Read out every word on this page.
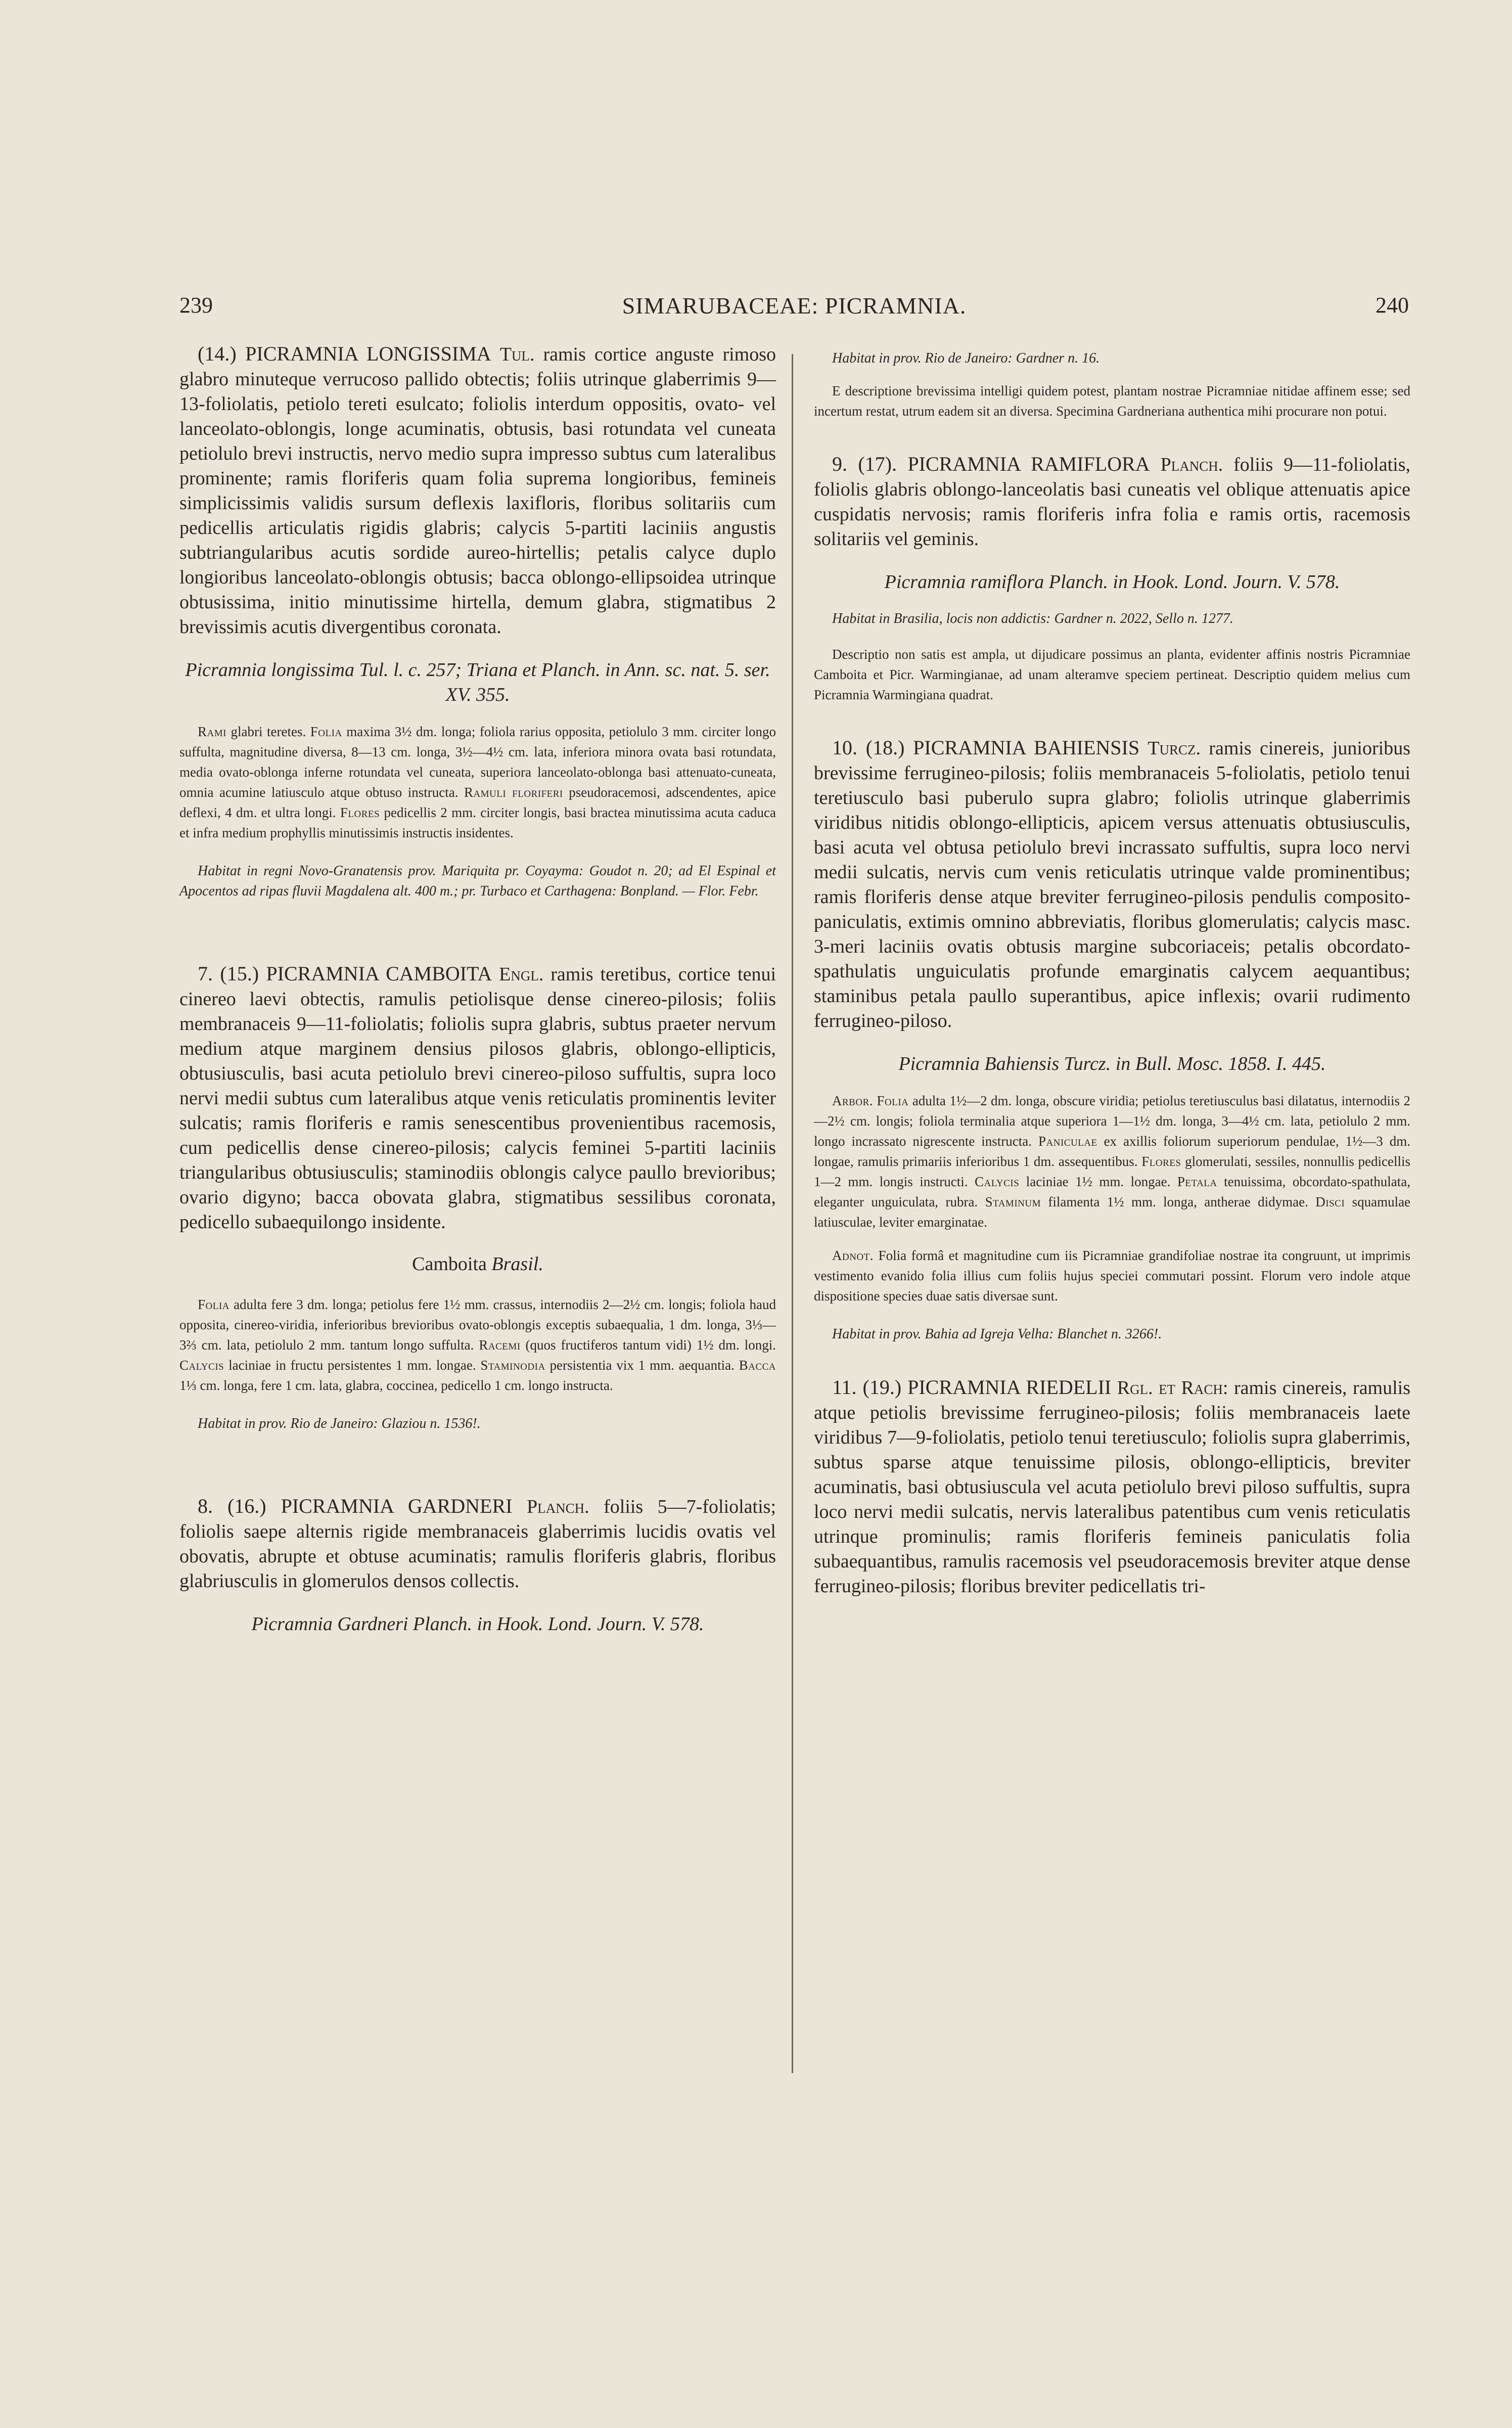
239	SIMARUBACEAE: PICRAMNIA.	240

(14.) PICRAMNIA LONGISSIMA Tul. ramis cortice anguste rimoso glabro minuteque verrucoso pallido obtectis; foliis utrinque glaberrimis 9—13-foliolatis, petiolo tereti esulcato; foliolis interdum oppositis, ovato- vel lanceolato-oblongis, longe acuminatis, obtusis, basi rotundata vel cuneata petiolulo brevi instructis, nervo medio supra impresso subtus cum lateralibus prominente; ramis floriferis quam folia suprema longioribus, femineis simplicissimis validis sursum deflexis laxifloris, floribus solitariis cum pedicellis articulatis rigidis glabris; calycis 5-partiti laciniis angustis subtriangularibus acutis sordide aureo-hirtellis; petalis calyce duplo longioribus lanceolato-oblongis obtusis; bacca oblongo-ellipsoidea utrinque obtusissima, initio minutissime hirtella, demum glabra, stigmatibus 2 brevissimis acutis divergentibus coronata.

Picramnia longissima Tul. l. c. 257; Triana et Planch. in Ann. sc. nat. 5. ser. XV. 355.

Rami glabri teretes. Folia maxima 3½ dm. longa; foliola rarius opposita, petiolulo 3 mm. circiter longo suffulta, magnitudine diversa, 8—13 cm. longa, 3½—4½ cm. lata, inferiora minora ovata basi rotundata, media ovato-oblonga inferne rotundata vel cuneata, superiora lanceolato-oblonga basi attenuato-cuneata, omnia acumine latiusculo atque obtuso instructa. Ramuli floriferi pseudoracemosi, adscendentes, apice deflexi, 4 dm. et ultra longi. Flores pedicellis 2 mm. circiter longis, basi bractea minutissima acuta caduca et infra medium prophyllis minutissimis instructis insidentes.

Habitat in regni Novo-Granatensis prov. Mariquita pr. Coyayma: Goudot n. 20; ad El Espinal et Apocentos ad ripas fluvii Magdalena alt. 400 m.; pr. Turbaco et Carthagena: Bonpland. — Flor. Febr.

7. (15.) PICRAMNIA CAMBOITA Engl. ramis teretibus, cortice tenui cinereo laevi obtectis, ramulis petiolisque dense cinereo-pilosis; foliis membranaceis 9—11-foliolatis; foliolis supra glabris, subtus praeter nervum medium atque marginem densius pilosos glabris, oblongo-ellipticis, obtusiusculis, basi acuta petiolulo brevi cinereo-piloso suffultis, supra loco nervi medii subtus cum lateralibus atque venis reticulatis prominentis leviter sulcatis; ramis floriferis e ramis senescentibus provenientibus racemosis, cum pedicellis dense cinereo-pilosis; calycis feminei 5-partiti laciniis triangularibus obtusiusculis; staminodiis oblongis calyce paullo brevioribus; ovario digyno; bacca obovata glabra, stigmatibus sessilibus coronata, pedicello subaequilongo insidente.

Camboita Brasil.

Folia adulta fere 3 dm. longa; petiolus fere 1½ mm. crassus, internodiis 2—2½ cm. longis; foliola haud opposita, cinereo-viridia, inferioribus brevioribus ovato-oblongis exceptis subaequalia, 1 dm. longa, 3⅓—3⅔ cm. lata, petiolulo 2 mm. tantum longo suffulta. Racemi (quos fructiferos tantum vidi) 1½ dm. longi. Calycis laciniae in fructu persistentes 1 mm. longae. Staminodia persistentia vix 1 mm. aequantia. Bacca 1⅓ cm. longa, fere 1 cm. lata, glabra, coccinea, pedicello 1 cm. longo instructa.

Habitat in prov. Rio de Janeiro: Glaziou n. 1536!.

8. (16.) PICRAMNIA GARDNERI Planch. foliis 5—7-foliolatis; foliolis saepe alternis rigide membranaceis glaberrimis lucidis ovatis vel obovatis, abrupte et obtuse acuminatis; ramulis floriferis glabris, floribus glabriusculis in glomerulos densos collectis.

Picramnia Gardneri Planch. in Hook. Lond. Journ. V. 578.

Habitat in prov. Rio de Janeiro: Gardner n. 16.

E descriptione brevissima intelligi quidem potest, plantam nostrae Picramniae nitidae affinem esse; sed incertum restat, utrum eadem sit an diversa. Specimina Gardneriana authentica mihi procurare non potui.

9. (17). PICRAMNIA RAMIFLORA Planch. foliis 9—11-foliolatis, foliolis glabris oblongo-lanceolatis basi cuneatis vel oblique attenuatis apice cuspidatis nervosis; ramis floriferis infra folia e ramis ortis, racemosis solitariis vel geminis.

Picramnia ramiflora Planch. in Hook. Lond. Journ. V. 578.

Habitat in Brasilia, locis non addictis: Gardner n. 2022, Sello n. 1277.

Descriptio non satis est ampla, ut dijudicare possimus an planta, evidenter affinis nostris Picramniae Camboita et Picr. Warmingianae, ad unam alteramve speciem pertineat. Descriptio quidem melius cum Picramnia Warmingiana quadrat.

10. (18.) PICRAMNIA BAHIENSIS Turcz. ramis cinereis, junioribus brevissime ferrugineo-pilosis; foliis membranaceis 5-foliolatis, petiolo tenui teretiusculo basi puberulo supra glabro; foliolis utrinque glaberrimis viridibus nitidis oblongo-ellipticis, apicem versus attenuatis obtusiusculis, basi acuta vel obtusa petiolulo brevi incrassato suffultis, supra loco nervi medii sulcatis, nervis cum venis reticulatis utrinque valde prominentibus; ramis floriferis dense atque breviter ferrugineo-pilosis pendulis composito-paniculatis, extimis omnino abbreviatis, floribus glomerulatis; calycis masc. 3-meri laciniis ovatis obtusis margine subcoriaceis; petalis obcordato-spathulatis unguiculatis profunde emarginatis calycem aequantibus; staminibus petala paullo superantibus, apice inflexis; ovarii rudimento ferrugineo-piloso.

Picramnia Bahiensis Turcz. in Bull. Mosc. 1858. I. 445.

Arbor. Folia adulta 1½—2 dm. longa, obscure viridia; petiolus teretiusculus basi dilatatus, internodiis 2—2½ cm. longis; foliola terminalia atque superiora 1—1½ dm. longa, 3—4½ cm. lata, petiolulo 2 mm. longo incrassato nigrescente instructa. Paniculae ex axillis foliorum superiorum pendulae, 1½—3 dm. longae, ramulis primariis inferioribus 1 dm. assequentibus. Flores glomerulati, sessiles, nonnullis pedicellis 1—2 mm. longis instructi. Calycis laciniae 1½ mm. longae. Petala tenuissima, obcordato-spathulata, eleganter unguiculata, rubra. Staminum filamenta 1½ mm. longa, antherae didymae. Disci squamulae latiusculae, leviter emarginatae.

Adnot. Folia formâ et magnitudine cum iis Picramniae grandifoliae nostrae ita congruunt, ut imprimis vestimento evanido folia illius cum foliis hujus speciei commutari possint. Florum vero indole atque dispositione species duae satis diversae sunt.

Habitat in prov. Bahia ad Igreja Velha: Blanchet n. 3266!.

11. (19.) PICRAMNIA RIEDELII Rgl. et Rach: ramis cinereis, ramulis atque petiolis brevissime ferrugineo-pilosis; foliis membranaceis laete viridibus 7—9-foliolatis, petiolo tenui teretiusculo; foliolis supra glaberrimis, subtus sparse atque tenuissime pilosis, oblongo-ellipticis, breviter acuminatis, basi obtusiuscula vel acuta petiolulo brevi piloso suffultis, supra loco nervi medii sulcatis, nervis lateralibus patentibus cum venis reticulatis utrinque prominulis; ramis floriferis femineis paniculatis folia subaequantibus, ramulis racemosis vel pseudoracemosis breviter atque dense ferrugineo-pilosis; floribus breviter pedicellatis tri-
